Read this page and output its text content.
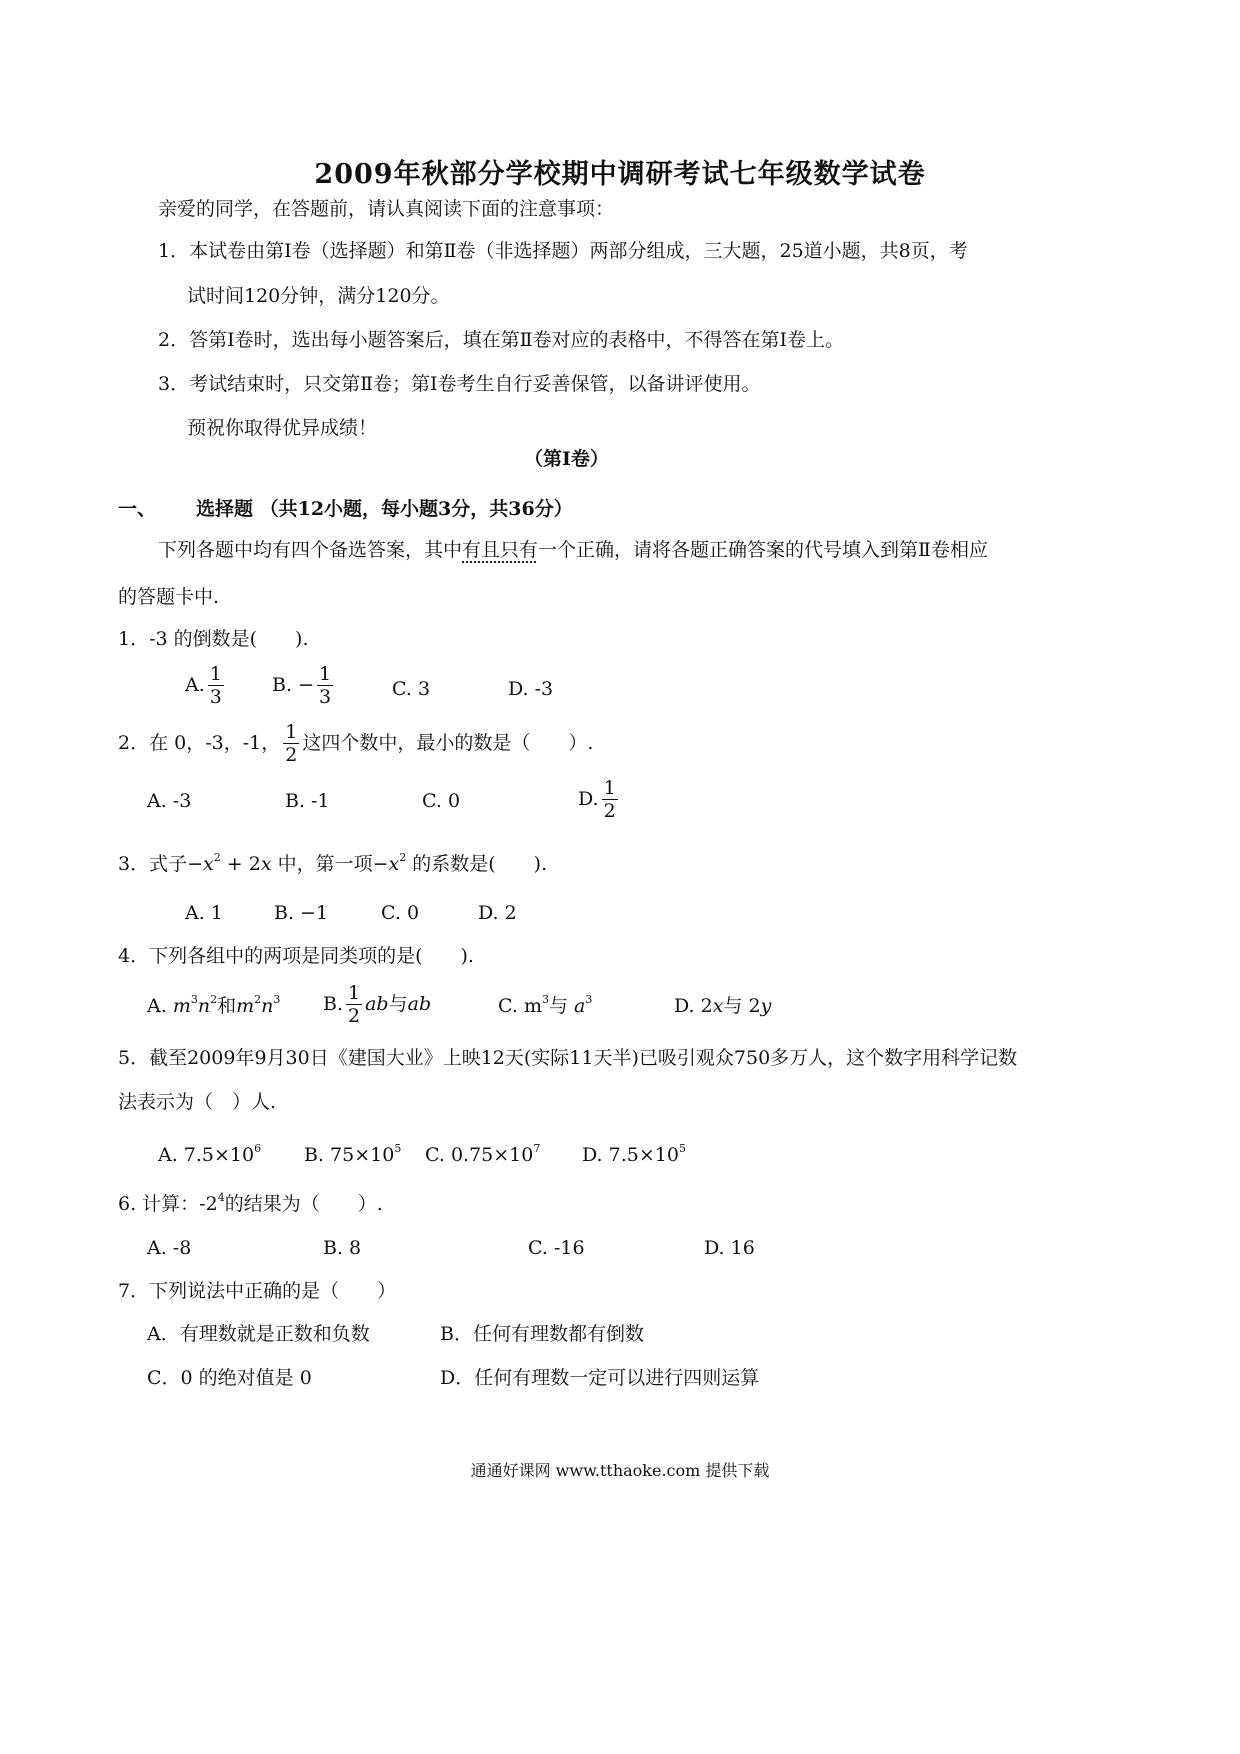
2009年秋部分学校期中调研考试七年级数学试卷
亲爱的同学，在答题前，请认真阅读下面的注意事项：
1．本试卷由第Ⅰ卷（选择题）和第Ⅱ卷（非选择题）两部分组成，三大题，25道小题，共8页，考
试时间120分钟，满分120分。
2．答第Ⅰ卷时，选出每小题答案后，填在第Ⅱ卷对应的表格中，不得答在第Ⅰ卷上。
3．考试结束时，只交第Ⅱ卷；第Ⅰ卷考生自行妥善保管，以备讲评使用。
预祝你取得优异成绩！
（第Ⅰ卷）
一、 选择题 （共12小题，每小题3分，共36分）
下列各题中均有四个备选答案，其中有且只有一个正确，请将各题正确答案的代号填入到第Ⅱ卷相应
的答题卡中.
1．-3 的倒数是(　　).
A. $\frac{1}{3}$	B. − $\frac{1}{3}$	C. 3	D. -3
2．在 0，-3，-1， $\frac{1}{2}$ 这四个数中，最小的数是（　　）.
A. -3	B. -1	C. 0	D. $\frac{1}{2}$
3．式子$-x^2 + 2x$ 中，第一项$-x^2$ 的系数是(　　).
A. 1	B. −1	C. 0	D. 2
4．下列各组中的两项是同类项的是(　　).
A. $m^3n^2$和$m^2n^3$ B. $\frac{1}{2}$ ab 与 ab	C. $m^3$与 $a^3$	D. 2x与 2y
5．截至2009年9月30日《建国大业》上映12天(实际11天半)已吸引观众750多万人，这个数字用科学记数
法表示为（　）人.
A. $7.5\times 10^6$ B. $75\times 10^5$ C. $0.75\times 10^7$ D. $7.5\times 10^5$
6. 计算：$-2^4$的结果为（　　）.
A. -8	B. 8	C. -16	D. 16
7．下列说法中正确的是（　　）
A．有理数就是正数和负数	B．任何有理数都有倒数
C．0 的绝对值是 0	D．任何有理数一定可以进行四则运算
通通好课网 www.tthaoke.com 提供下载
